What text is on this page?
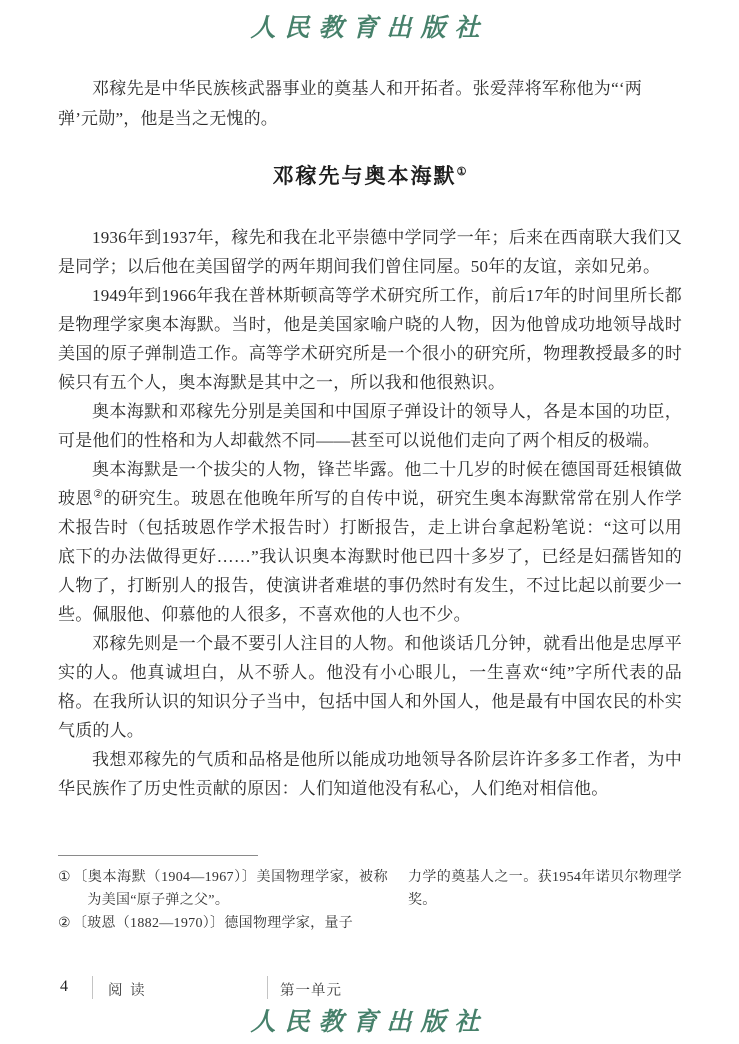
人民教育出版社

邓稼先是中华民族核武器事业的奠基人和开拓者。张爱萍将军称他为“‘两弹’元勋”，他是当之无愧的。

邓稼先与奥本海默①

1936年到1937年，稼先和我在北平崇德中学同学一年；后来在西南联大我们又是同学；以后他在美国留学的两年期间我们曾住同屋。50年的友谊，亲如兄弟。

1949年到1966年我在普林斯顿高等学术研究所工作，前后17年的时间里所长都是物理学家奥本海默。当时，他是美国家喻户晓的人物，因为他曾成功地领导战时美国的原子弹制造工作。高等学术研究所是一个很小的研究所，物理教授最多的时候只有五个人，奥本海默是其中之一，所以我和他很熟识。

奥本海默和邓稼先分别是美国和中国原子弹设计的领导人，各是本国的功臣，可是他们的性格和为人却截然不同——甚至可以说他们走向了两个相反的极端。

奥本海默是一个拔尖的人物，锋芒毕露。他二十几岁的时候在德国哥廷根镇做玻恩②的研究生。玻恩在他晚年所写的自传中说，研究生奥本海默常常在别人作学术报告时（包括玻恩作学术报告时）打断报告，走上讲台拿起粉笔说：“这可以用底下的办法做得更好……”我认识奥本海默时他已四十多岁了，已经是妇孺皆知的人物了，打断别人的报告，使演讲者难堪的事仍然时有发生，不过比起以前要少一些。佩服他、仰慕他的人很多，不喜欢他的人也不少。

邓稼先则是一个最不要引人注目的人物。和他谈话几分钟，就看出他是忠厚平实的人。他真诚坦白，从不骄人。他没有小心眼儿，一生喜欢“纯”字所代表的品格。在我所认识的知识分子当中，包括中国人和外国人，他是最有中国农民的朴实气质的人。

我想邓稼先的气质和品格是他所以能成功地领导各阶层许许多多工作者，为中华民族作了历史性贡献的原因：人们知道他没有私心，人们绝对相信他。

① 〔奥本海默（1904—1967）〕美国物理学家，被称为美国“原子弹之父”。
② 〔玻恩（1882—1970）〕德国物理学家，量子
力学的奠基人之一。获1954年诺贝尔物理学奖。
4	阅 读	第一单元
人民教育出版社
